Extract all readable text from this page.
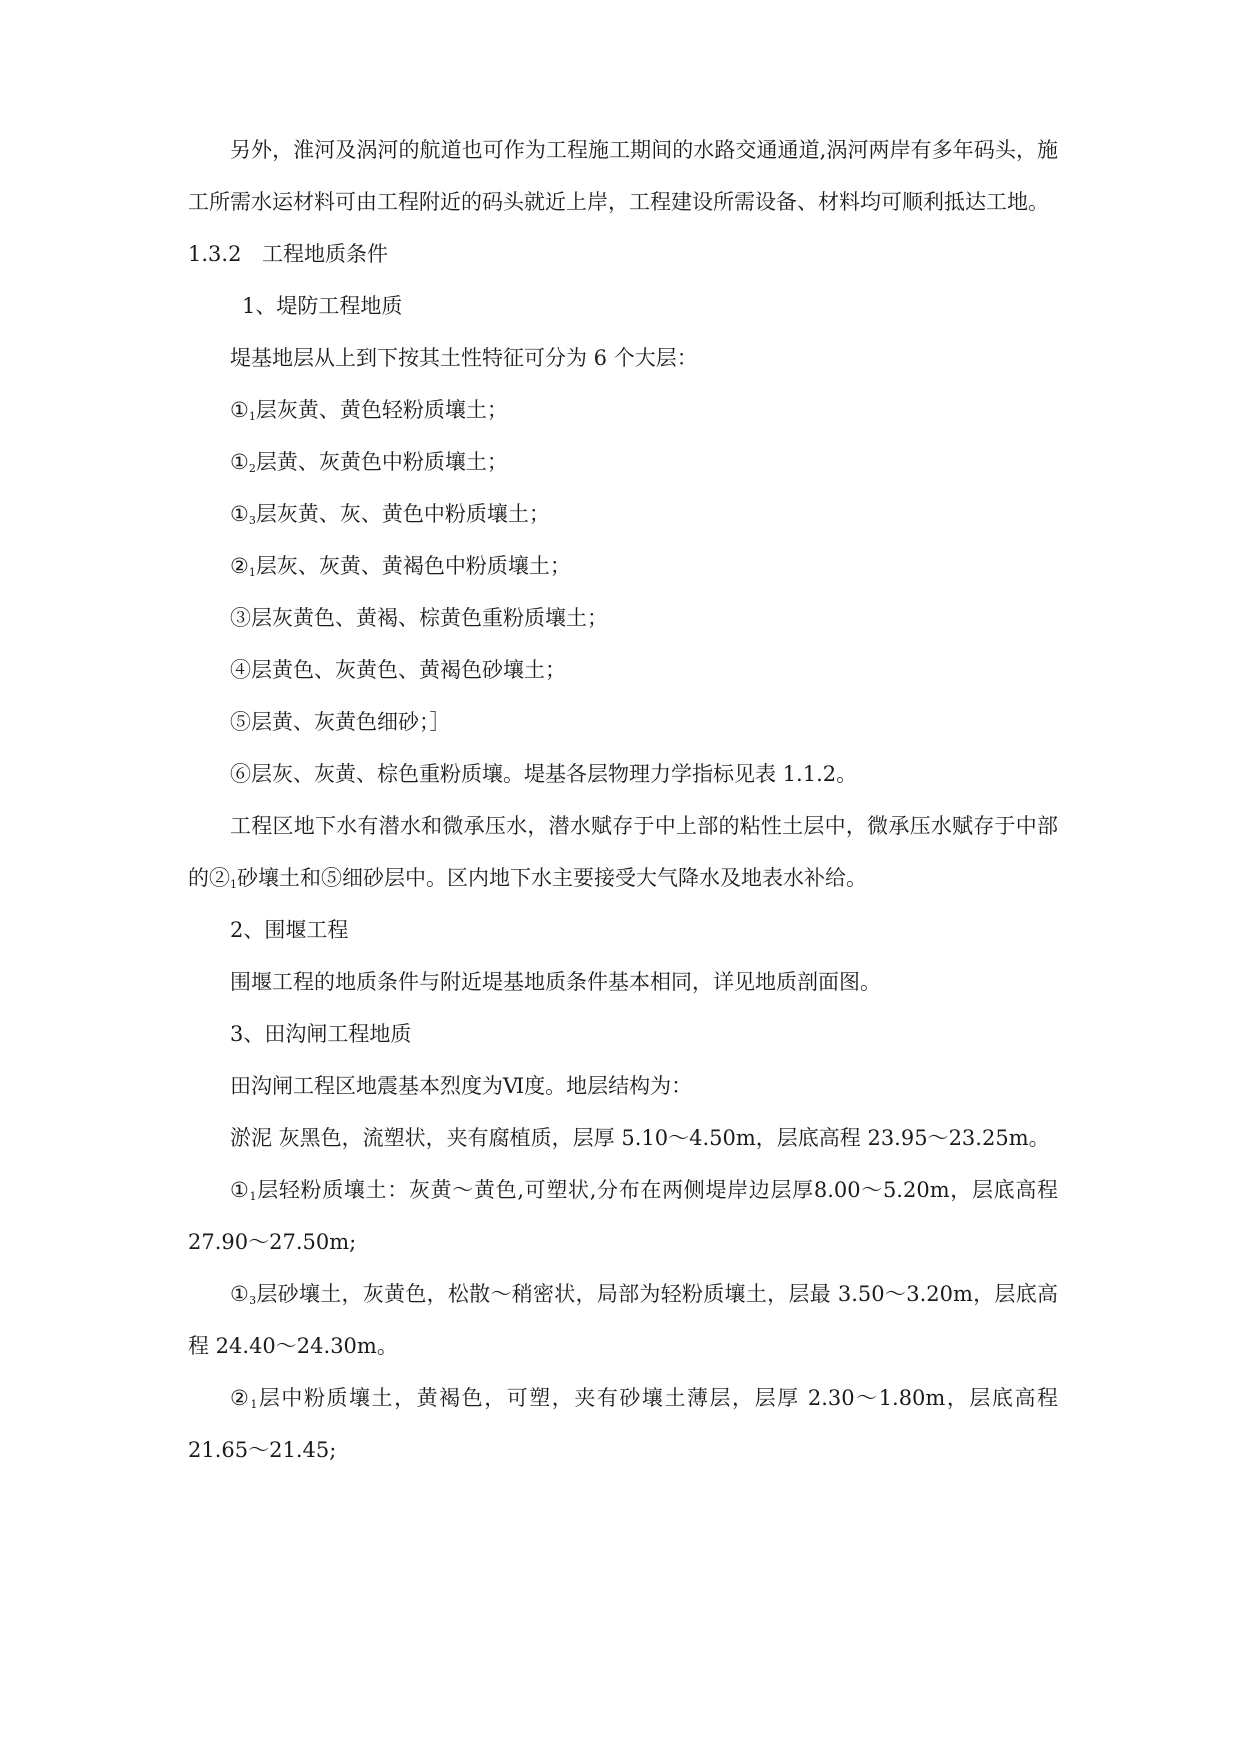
另外，淮河及涡河的航道也可作为工程施工期间的水路交通通道,涡河两岸有多年码头，施工所需水运材料可由工程附近的码头就近上岸，工程建设所需设备、材料均可顺利抵达工地。

1.3.2 工程地质条件

1、堤防工程地质

堤基地层从上到下按其土性特征可分为 6 个大层：

$①_1$层灰黄、黄色轻粉质壤土；

$①_2$层黄、灰黄色中粉质壤土；

$①_3$层灰黄、灰、黄色中粉质壤土；

$②_1$层灰、灰黄、黄褐色中粉质壤土；

③层灰黄色、黄褐、棕黄色重粉质壤土；

④层黄色、灰黄色、黄褐色砂壤土；

⑤层黄、灰黄色细砂；］

⑥层灰、灰黄、棕色重粉质壤。堤基各层物理力学指标见表 1.1.2。

工程区地下水有潜水和微承压水，潜水赋存于中上部的粘性土层中，微承压水赋存于中部的$②_1$砂壤土和⑤细砂层中。区内地下水主要接受大气降水及地表水补给。

2、围堰工程

围堰工程的地质条件与附近堤基地质条件基本相同，详见地质剖面图。

3、田沟闸工程地质

田沟闸工程区地震基本烈度为Ⅵ度。地层结构为：

淤泥 灰黑色，流塑状，夹有腐植质，层厚 5.10～4.50m，层底高程 23.95～23.25m。

$①_1$层轻粉质壤土：灰黄～黄色,可塑状,分布在两侧堤岸边层厚8.00～5.20m，层底高程 27.90～27.50m;

$①_3$层砂壤土，灰黄色，松散～稍密状，局部为轻粉质壤土，层最 3.50～3.20m，层底高程 24.40～24.30m。

$②_1$层中粉质壤土，黄褐色，可塑，夹有砂壤土薄层，层厚 2.30～1.80m，层底高程 21.65～21.45;
